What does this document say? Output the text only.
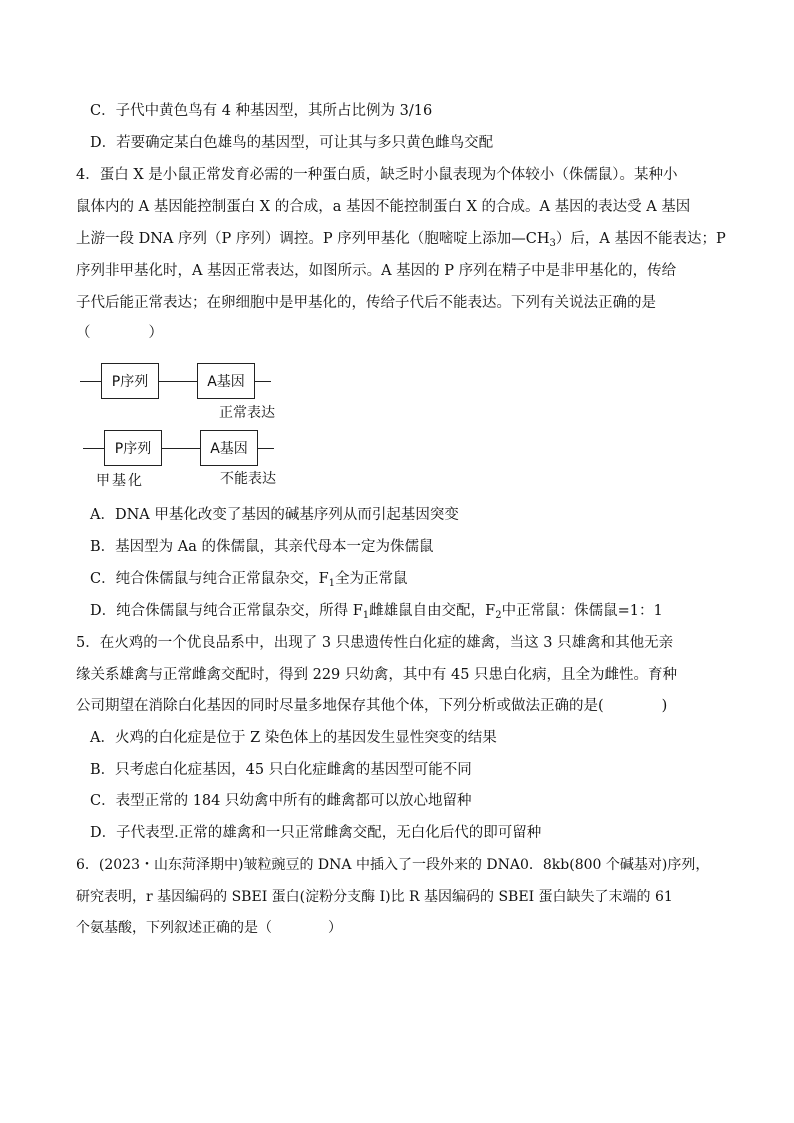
C．子代中黄色鸟有 4 种基因型，其所占比例为 3/16
D．若要确定某白色雄鸟的基因型，可让其与多只黄色雌鸟交配
4．蛋白 X 是小鼠正常发育必需的一种蛋白质，缺乏时小鼠表现为个体较小（侏儒鼠）。某种小
鼠体内的 A 基因能控制蛋白 X 的合成，a 基因不能控制蛋白 X 的合成。A 基因的表达受 A 基因
上游一段 DNA 序列（P 序列）调控。P 序列甲基化（胞嘧啶上添加$—CH_3$）后，A 基因不能表达；P
序列非甲基化时，A 基因正常表达，如图所示。A 基因的 P 序列在精子中是非甲基化的，传给
子代后能正常表达；在卵细胞中是甲基化的，传给子代后不能表达。下列有关说法正确的是
（　　　　）
P序列	A基因
正常表达
P序列	A基因
甲基化	不能表达
A．DNA 甲基化改变了基因的碱基序列从而引起基因突变
B．基因型为 Aa 的侏儒鼠，其亲代母本一定为侏儒鼠
C．纯合侏儒鼠与纯合正常鼠杂交，$F_1$全为正常鼠
D．纯合侏儒鼠与纯合正常鼠杂交，所得 $F_1$雌雄鼠自由交配，$F_2$中正常鼠：侏儒鼠=1：1
5．在火鸡的一个优良品系中，出现了 3 只患遗传性白化症的雄禽，当这 3 只雄禽和其他无亲
缘关系雄禽与正常雌禽交配时，得到 229 只幼禽，其中有 45 只患白化病，且全为雌性。育种
公司期望在消除白化基因的同时尽量多地保存其他个体，下列分析或做法正确的是(　　　　)
A．火鸡的白化症是位于 Z 染色体上的基因发生显性突变的结果
B．只考虑白化症基因，45 只白化症雌禽的基因型可能不同
C．表型正常的 184 只幼禽中所有的雌禽都可以放心地留种
D．子代表型.正常的雄禽和一只正常雌禽交配，无白化后代的即可留种
6．(2023・山东菏泽期中)皱粒豌豆的 DNA 中插入了一段外来的 DNA0．8kb(800 个碱基对)序列，
研究表明，r 基因编码的 SBEI 蛋白(淀粉分支酶 I)比 R 基因编码的 SBEI 蛋白缺失了末端的 61
个氨基酸，下列叙述正确的是（　　　　）
